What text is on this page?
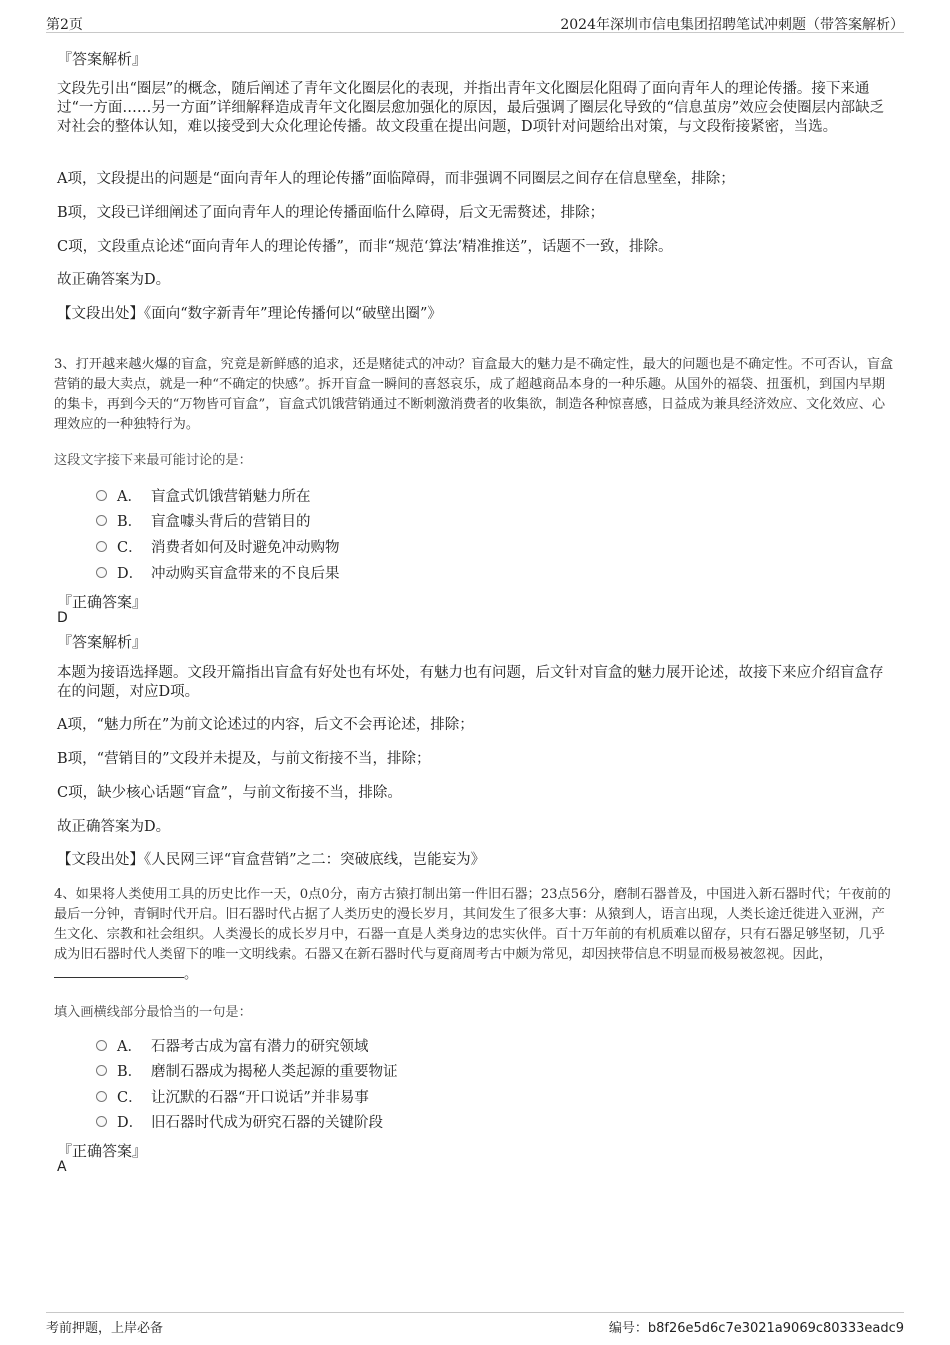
第2页	2024年深圳市信电集团招聘笔试冲刺题（带答案解析）
『答案解析』
文段先引出“圈层”的概念，随后阐述了青年文化圈层化的表现，并指出青年文化圈层化阻碍了面向青年人的理论传播。接下来通过“一方面……另一方面”详细解释造成青年文化圈层愈加强化的原因，最后强调了圈层化导致的“信息茧房”效应会使圈层内部缺乏对社会的整体认知，难以接受到大众化理论传播。故文段重在提出问题，D项针对问题给出对策，与文段衔接紧密，当选。
A项，文段提出的问题是“面向青年人的理论传播”面临障碍，而非强调不同圈层之间存在信息壁垒，排除；
B项，文段已详细阐述了面向青年人的理论传播面临什么障碍，后文无需赘述，排除；
C项，文段重点论述“面向青年人的理论传播”，而非“规范‘算法’精准推送”，话题不一致，排除。
故正确答案为D。
【文段出处】《面向“数字新青年”理论传播何以“破壁出圈”》
3、打开越来越火爆的盲盒，究竟是新鲜感的追求，还是赌徒式的冲动？盲盒最大的魅力是不确定性，最大的问题也是不确定性。不可否认，盲盒营销的最大卖点，就是一种“不确定的快感”。拆开盲盒一瞬间的喜怒哀乐，成了超越商品本身的一种乐趣。从国外的福袋、扭蛋机，到国内早期的集卡，再到今天的“万物皆可盲盒”，盲盒式饥饿营销通过不断刺激消费者的收集欲，制造各种惊喜感，日益成为兼具经济效应、文化效应、心理效应的一种独特行为。
这段文字接下来最可能讨论的是：
A． 盲盒式饥饿营销魅力所在
B． 盲盒噱头背后的营销目的
C． 消费者如何及时避免冲动购物
D． 冲动购买盲盒带来的不良后果
『正确答案』
D
『答案解析』
本题为接语选择题。文段开篇指出盲盒有好处也有坏处，有魅力也有问题，后文针对盲盒的魅力展开论述，故接下来应介绍盲盒存在的问题，对应D项。
A项，“魅力所在”为前文论述过的内容，后文不会再论述，排除；
B项，“营销目的”文段并未提及，与前文衔接不当，排除；
C项，缺少核心话题“盲盒”，与前文衔接不当，排除。
故正确答案为D。
【文段出处】《人民网三评“盲盒营销”之二：突破底线，岂能妄为》
4、如果将人类使用工具的历史比作一天，0点0分，南方古猿打制出第一件旧石器；23点56分，磨制石器普及，中国进入新石器时代；午夜前的最后一分钟，青铜时代开启。旧石器时代占据了人类历史的漫长岁月，其间发生了很多大事：从猿到人，语言出现，人类长途迁徙进入亚洲，产生文化、宗教和社会组织。人类漫长的成长岁月中，石器一直是人类身边的忠实伙伴。百十万年前的有机质难以留存，只有石器足够坚韧，几乎成为旧石器时代人类留下的唯一文明线索。石器又在新石器时代与夏商周考古中颇为常见，却因挟带信息不明显而极易被忽视。因此，。
填入画横线部分最恰当的一句是：
A． 石器考古成为富有潜力的研究领域
B． 磨制石器成为揭秘人类起源的重要物证
C． 让沉默的石器“开口说话”并非易事
D． 旧石器时代成为研究石器的关键阶段
『正确答案』
A
考前押题，上岸必备	编号：b8f26e5d6c7e3021a9069c80333eadc9
